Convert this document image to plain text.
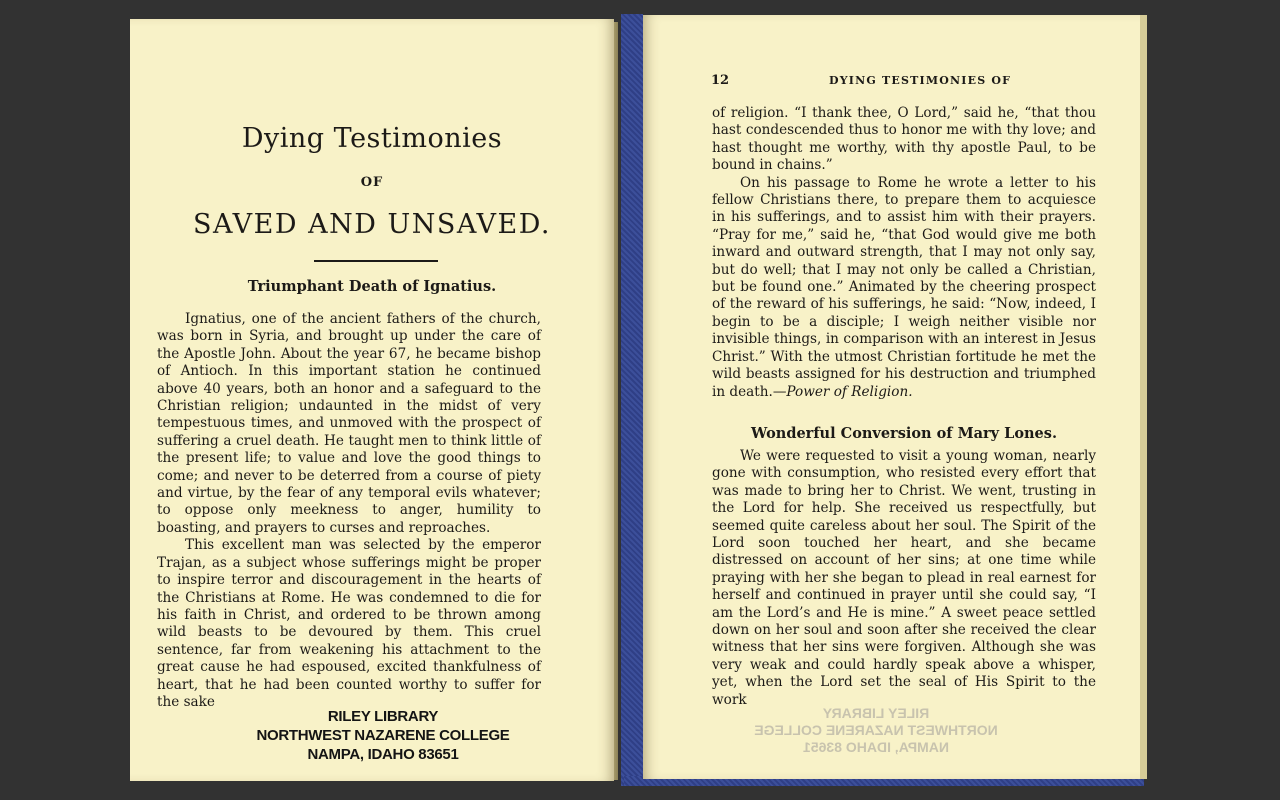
Dying Testimonies
OF
SAVED AND UNSAVED.
Triumphant Death of Ignatius.

Ignatius, one of the ancient fathers of the church, was born in Syria, and brought up under the care of the Apostle John. About the year 67, he became bishop of Antioch. In this important station he continued above 40 years, both an honor and a safeguard to the Christian religion; undaunted in the midst of very tempestuous times, and unmoved with the prospect of suffering a cruel death. He taught men to think little of the present life; to value and love the good things to come; and never to be deterred from a course of piety and virtue, by the fear of any temporal evils whatever; to oppose only meekness to anger, humility to boasting, and prayers to curses and reproaches.

This excellent man was selected by the emperor Trajan, as a subject whose sufferings might be proper to inspire terror and discouragement in the hearts of the Christians at Rome. He was condemned to die for his faith in Christ, and ordered to be thrown among wild beasts to be devoured by them. This cruel sentence, far from weakening his attachment to the great cause he had espoused, excited thankfulness of heart, that he had been counted worthy to suffer for the sake

RILEY LIBRARY
NORTHWEST NAZARENE COLLEGE
NAMPA, IDAHO 83651
12	DYING TESTIMONIES OF

of religion. “I thank thee, O Lord,” said he, “that thou hast condescended thus to honor me with thy love; and hast thought me worthy, with thy apostle Paul, to be bound in chains.”

On his passage to Rome he wrote a letter to his fellow Christians there, to prepare them to acquiesce in his sufferings, and to assist him with their prayers. “Pray for me,” said he, “that God would give me both inward and outward strength, that I may not only say, but do well; that I may not only be called a Christian, but be found one.” Animated by the cheering prospect of the reward of his sufferings, he said: “Now, indeed, I begin to be a disciple; I weigh neither visible nor invisible things, in comparison with an interest in Jesus Christ.” With the utmost Christian fortitude he met the wild beasts assigned for his destruction and triumphed in death.—Power of Religion.

Wonderful Conversion of Mary Lones.

We were requested to visit a young woman, nearly gone with consumption, who resisted every effort that was made to bring her to Christ. We went, trusting in the Lord for help. She received us respectfully, but seemed quite careless about her soul. The Spirit of the Lord soon touched her heart, and she became distressed on account of her sins; at one time while praying with her she began to plead in real earnest for herself and continued in prayer until she could say, “I am the Lord’s and He is mine.” A sweet peace settled down on her soul and soon after she received the clear witness that her sins were forgiven. Although she was very weak and could hardly speak above a whisper, yet, when the Lord set the seal of His Spirit to the work

RILEY LIBRARY
NORTHWEST NAZARENE COLLEGE
NAMPA, IDAHO 83651
